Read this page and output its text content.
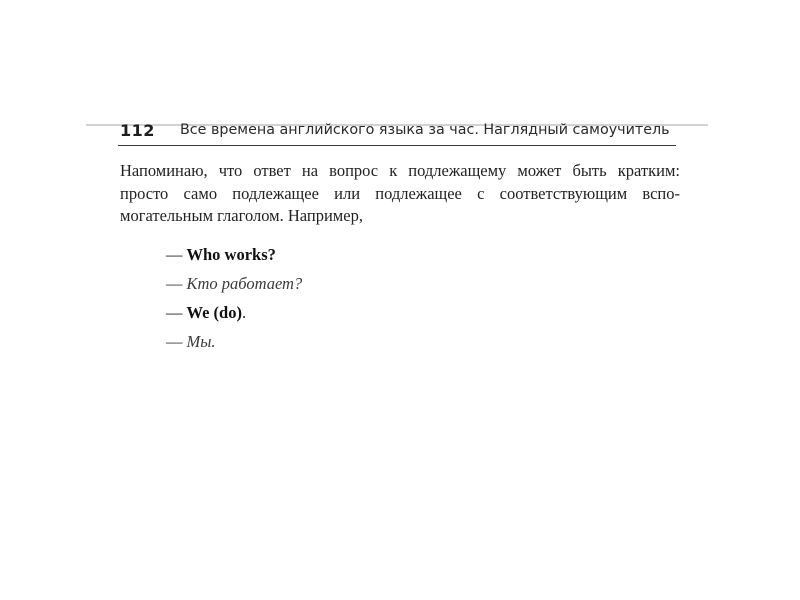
112 Все времена английского языка за час. Наглядный самоучитель

Напоминаю, что ответ на вопрос к подлежащему может быть кратким:
просто само подлежащее или подлежащее с соответствующим вспо-
могательным глаголом. Например,

— Who works?
— Кто работает?
— We (do).
— Мы.
